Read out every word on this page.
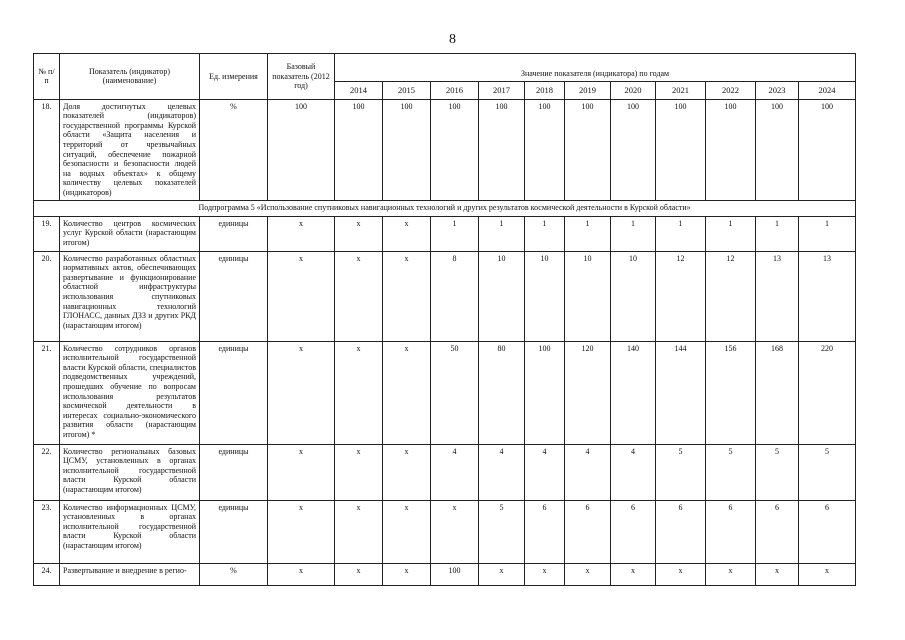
8
№ п/п	Показатель (индикатор) (наименование)	Ед. измерения	Базовый показатель (2012 год)	Значение показателя (индикатора) по годам										
				2014	2015	2016	2017	2018	2019	2020	2021	2022	2023	2024
18.	Доля достигнутых целевых показателей (индикаторов) государственной программы Курской области «Защита населения и территорий от чрезвычайных ситуаций, обеспечение пожарной безопасности и безопасности людей на водных объектах» к общему количеству целевых показателей (индикаторов)	%	100	100	100	100	100	100	100	100	100	100	100	100
Подпрограмма 5 «Использование спутниковых навигационных технологий и других результатов космической деятельности в Курской области»														
19.	Количество центров космических услуг Курской области (нарастающим итогом)	единицы	х	х	х	1	1	1	1	1	1	1	1	1
20.	Количество разработанных областных нормативных актов, обеспечивающих развертывание и функционирование областной инфраструктуры использования спутниковых навигационных технологий ГЛОНАСС, данных ДЗЗ и других РКД (нарастающим итогом)	единицы	х	х	х	8	10	10	10	10	12	12	13	13
21.	Количество сотрудников органов исполнительной государственной власти Курской области, специалистов подведомственных учреждений, прошедших обучение по вопросам использования результатов космической деятельности в интересах социально-экономического развития области (нарастающим итогом) *	единицы	х	х	х	50	80	100	120	140	144	156	168	220
22.	Количество региональных базовых ЦСМУ, установленных в органах исполнительной государственной власти Курской области (нарастающим итогом)	единицы	х	х	х	4	4	4	4	4	5	5	5	5
23.	Количество информационных ЦСМУ, установленных в органах исполнительной государственной власти Курской области (нарастающим итогом)	единицы	х	х	х	х	5	6	6	6	6	6	6	6
24.	Развертывание и внедрение в регио-	%	х	х	х	100	х	х	х	х	х	х	х	х
